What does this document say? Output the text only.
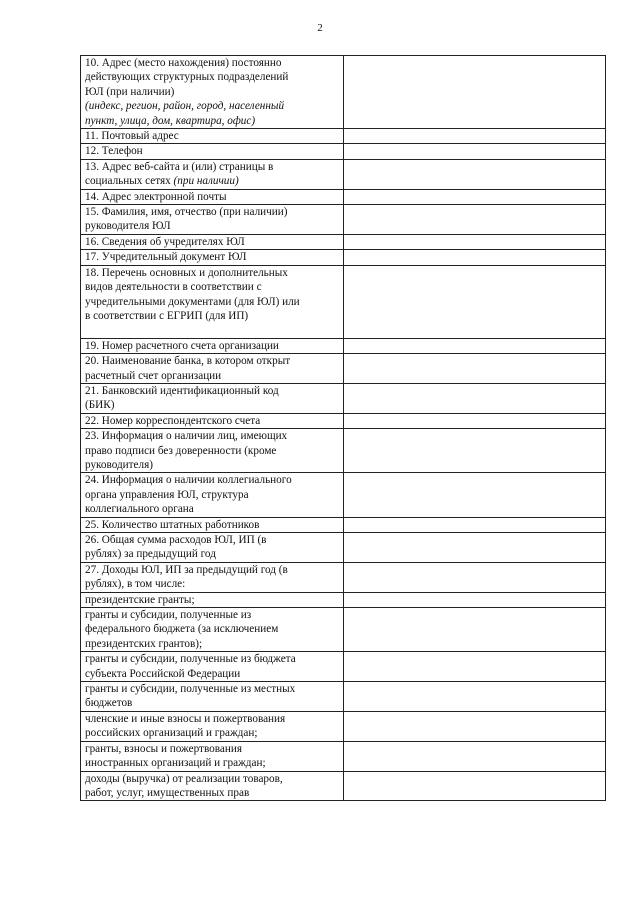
2
10. Адрес (место нахождения) постоянно
действующих структурных подразделений
ЮЛ (при наличии)
(индекс, регион, район, город, населенный
пункт, улица, дом, квартира, офис)	

11. Почтовый адрес	

12. Телефон	

13. Адрес веб-сайта и (или) страницы в
социальных сетях (при наличии)	

14. Адрес электронной почты	

15. Фамилия, имя, отчество (при наличии)
руководителя ЮЛ	

16. Сведения об учредителях ЮЛ	

17. Учредительный документ ЮЛ	

18. Перечень основных и дополнительных
видов деятельности в соответствии с
учредительными документами (для ЮЛ) или
в соответствии с ЕГРИП (для ИП)	

19. Номер расчетного счета организации	

20. Наименование банка, в котором открыт
расчетный счет организации	

21. Банковский идентификационный код
(БИК)	

22. Номер корреспондентского счета	

23. Информация о наличии лиц, имеющих
право подписи без доверенности (кроме
руководителя)	

24. Информация о наличии коллегиального
органа управления ЮЛ, структура
коллегиального органа	

25. Количество штатных работников	

26. Общая сумма расходов ЮЛ, ИП (в
рублях) за предыдущий год	

27. Доходы ЮЛ, ИП за предыдущий год (в
рублях), в том числе:	

президентские гранты;	

гранты и субсидии, полученные из
федерального бюджета (за исключением
президентских грантов);	

гранты и субсидии, полученные из бюджета
субъекта Российской Федерации	

гранты и субсидии, полученные из местных
бюджетов	

членские и иные взносы и пожертвования
российских организаций и граждан;	

гранты, взносы и пожертвования
иностранных организаций и граждан;	

доходы (выручка) от реализации товаров,
работ, услуг, имущественных прав	
